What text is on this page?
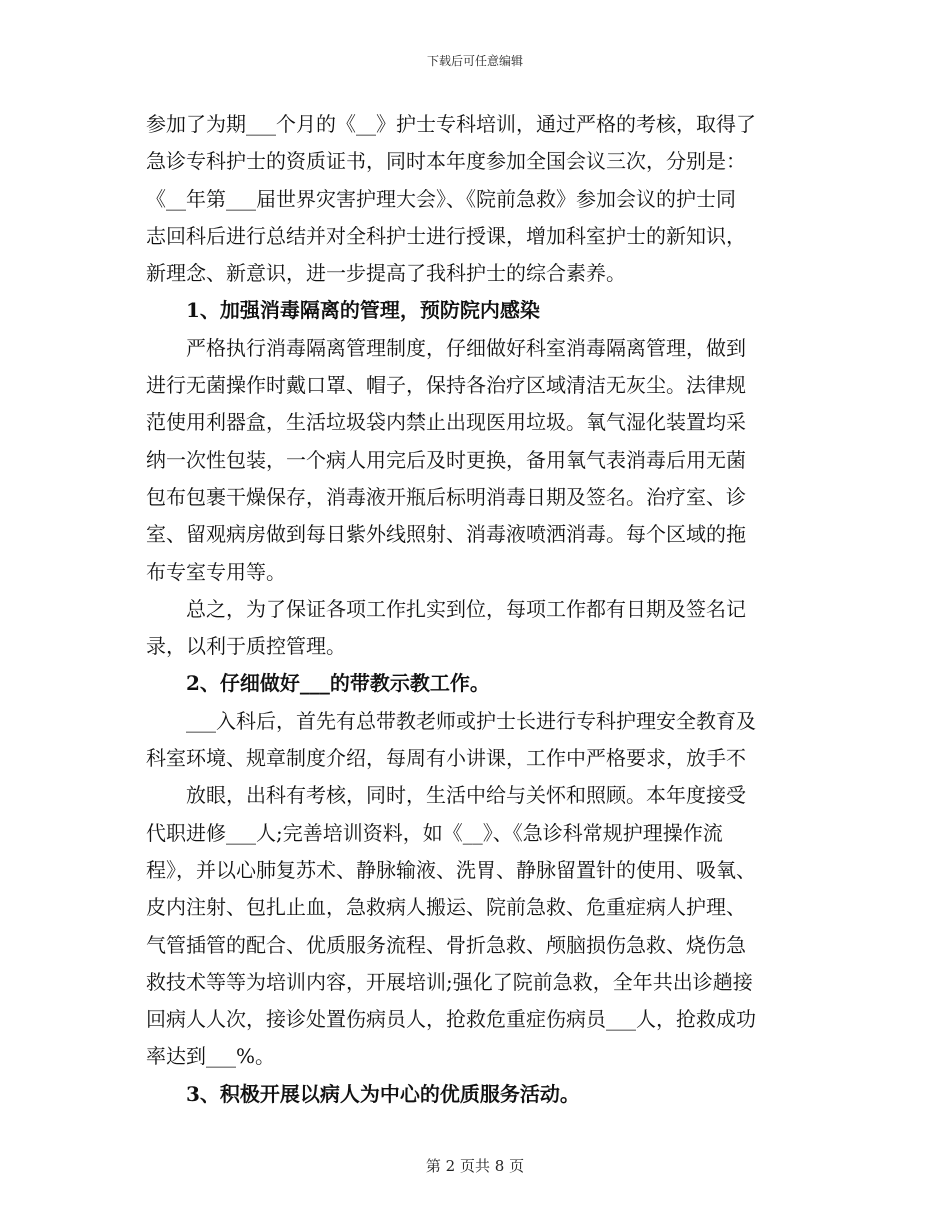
下载后可任意编辑
参加了为期___个月的《__》护士专科培训，通过严格的考核，取得了
急诊专科护士的资质证书，同时本年度参加全国会议三次，分别是：
《__年第___届世界灾害护理大会》、《院前急救》参加会议的护士同
志回科后进行总结并对全科护士进行授课，增加科室护士的新知识，
新理念、新意识，进一步提高了我科护士的综合素养。
1、加强消毒隔离的管理，预防院内感染
严格执行消毒隔离管理制度，仔细做好科室消毒隔离管理，做到
进行无菌操作时戴口罩、帽子，保持各治疗区域清洁无灰尘。法律规
范使用利器盒，生活垃圾袋内禁止出现医用垃圾。氧气湿化装置均采
纳一次性包装，一个病人用完后及时更换，备用氧气表消毒后用无菌
包布包裹干燥保存，消毒液开瓶后标明消毒日期及签名。治疗室、诊
室、留观病房做到每日紫外线照射、消毒液喷洒消毒。每个区域的拖
布专室专用等。
总之，为了保证各项工作扎实到位，每项工作都有日期及签名记
录，以利于质控管理。
2、仔细做好___的带教示教工作。
___入科后，首先有总带教老师或护士长进行专科护理安全教育及
科室环境、规章制度介绍，每周有小讲课，工作中严格要求，放手不
放眼，出科有考核，同时，生活中给与关怀和照顾。本年度接受
代职进修___人;完善培训资料，如《__》、《急诊科常规护理操作流
程》，并以心肺复苏术、静脉输液、洗胃、静脉留置针的使用、吸氧、
皮内注射、包扎止血，急救病人搬运、院前急救、危重症病人护理、
气管插管的配合、优质服务流程、骨折急救、颅脑损伤急救、烧伤急
救技术等等为培训内容，开展培训;强化了院前急救，全年共出诊趟接
回病人人次，接诊处置伤病员人，抢救危重症伤病员___人，抢救成功
率达到___%。
3、积极开展以病人为中心的优质服务活动。
第 2 页共 8 页
